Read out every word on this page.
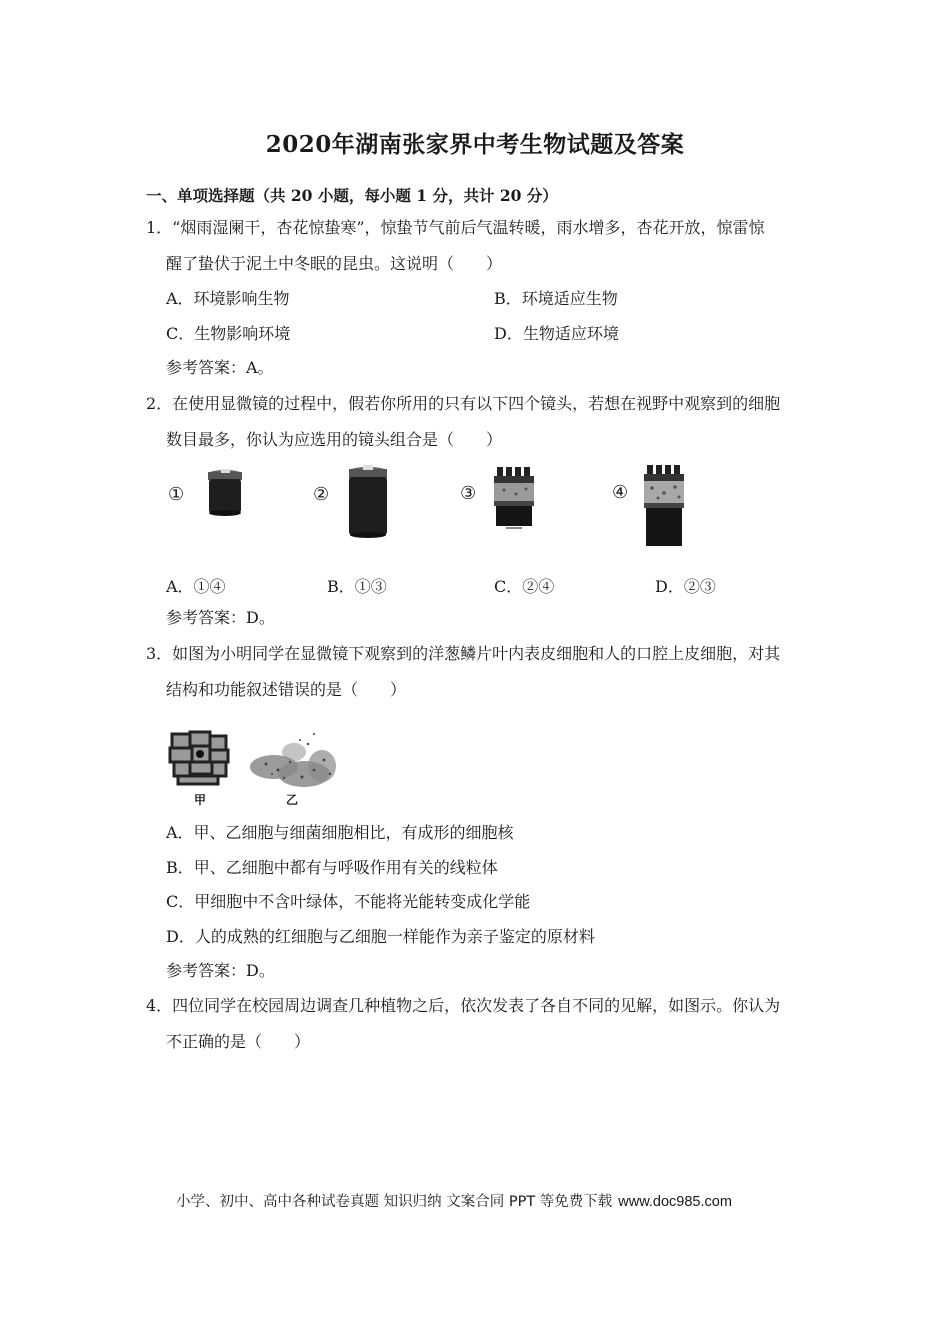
2020年湖南张家界中考生物试题及答案
一、单项选择题（共 20 小题，每小题 1 分，共计 20 分）
1．“烟雨湿阑干，杏花惊蛰寒”，惊蛰节气前后气温转暖，雨水增多，杏花开放，惊雷惊
醒了蛰伏于泥土中冬眠的昆虫。这说明（　　）
A．环境影响生物	B．环境适应生物
C．生物影响环境	D．生物适应环境
参考答案：A。
2．在使用显微镜的过程中，假若你所用的只有以下四个镜头，若想在视野中观察到的细胞
数目最多，你认为应选用的镜头组合是（　　）
①	②	③	④
A．①④	B．①③	C．②④	D．②③
参考答案：D。
3．如图为小明同学在显微镜下观察到的洋葱鳞片叶内表皮细胞和人的口腔上皮细胞，对其
结构和功能叙述错误的是（　　）
甲	乙
A．甲、乙细胞与细菌细胞相比，有成形的细胞核
B．甲、乙细胞中都有与呼吸作用有关的线粒体
C．甲细胞中不含叶绿体，不能将光能转变成化学能
D．人的成熟的红细胞与乙细胞一样能作为亲子鉴定的原材料
参考答案：D。
4．四位同学在校园周边调查几种植物之后，依次发表了各自不同的见解，如图示。你认为
不正确的是（　　）
小学、初中、高中各种试卷真题 知识归纳 文案合同 PPT 等免费下载 www.doc985.com
